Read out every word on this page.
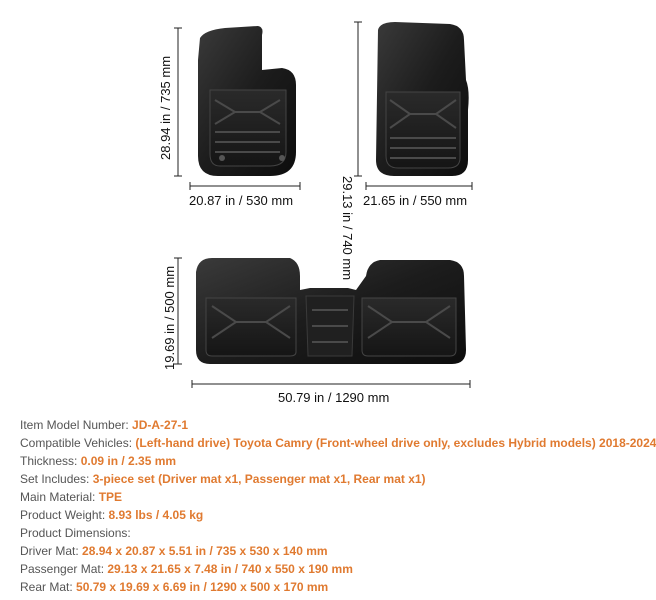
28.94 in / 735 mm
20.87 in / 530 mm	29.13 in / 740 mm 21.65 in / 550 mm
19.69 in / 500 mm
50.79 in / 1290 mm
Item Model Number: JD-A-27-1
Compatible Vehicles: (Left-hand drive) Toyota Camry (Front-wheel drive only, excludes Hybrid models) 2018-2024
Thickness: 0.09 in / 2.35 mm
Set Includes: 3-piece set (Driver mat x1, Passenger mat x1, Rear mat x1)
Main Material: TPE
Product Weight: 8.93 lbs / 4.05 kg
Product Dimensions:
Driver Mat: 28.94 x 20.87 x 5.51 in / 735 x 530 x 140 mm
Passenger Mat: 29.13 x 21.65 x 7.48 in / 740 x 550 x 190 mm
Rear Mat: 50.79 x 19.69 x 6.69 in / 1290 x 500 x 170 mm
